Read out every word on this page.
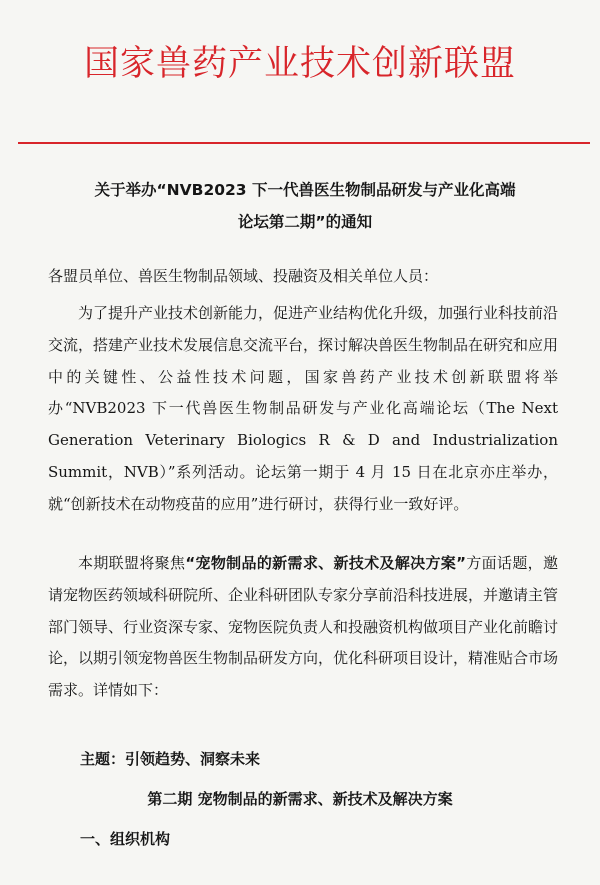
国家兽药产业技术创新联盟
关于举办“NVB2023 下一代兽医生物制品研发与产业化高端
论坛第二期”的通知
各盟员单位、兽医生物制品领域、投融资及相关单位人员：
为了提升产业技术创新能力，促进产业结构优化升级，加强行业科技前沿交流，搭建产业技术发展信息交流平台，探讨解决兽医生物制品在研究和应用中的关键性、公益性技术问题，国家兽药产业技术创新联盟将举办“NVB2023 下一代兽医生物制品研发与产业化高端论坛（The Next Generation Veterinary Biologics R & D and Industrialization Summit，NVB）”系列活动。论坛第一期于 4 月 15 日在北京亦庄举办，就“创新技术在动物疫苗的应用”进行研讨，获得行业一致好评。
本期联盟将聚焦“宠物制品的新需求、新技术及解决方案”方面话题，邀请宠物医药领域科研院所、企业科研团队专家分享前沿科技进展，并邀请主管部门领导、行业资深专家、宠物医院负责人和投融资机构做项目产业化前瞻讨论，以期引领宠物兽医生物制品研发方向，优化科研项目设计，精准贴合市场需求。详情如下：
主题：引领趋势、洞察未来
第二期 宠物制品的新需求、新技术及解决方案
一、组织机构
